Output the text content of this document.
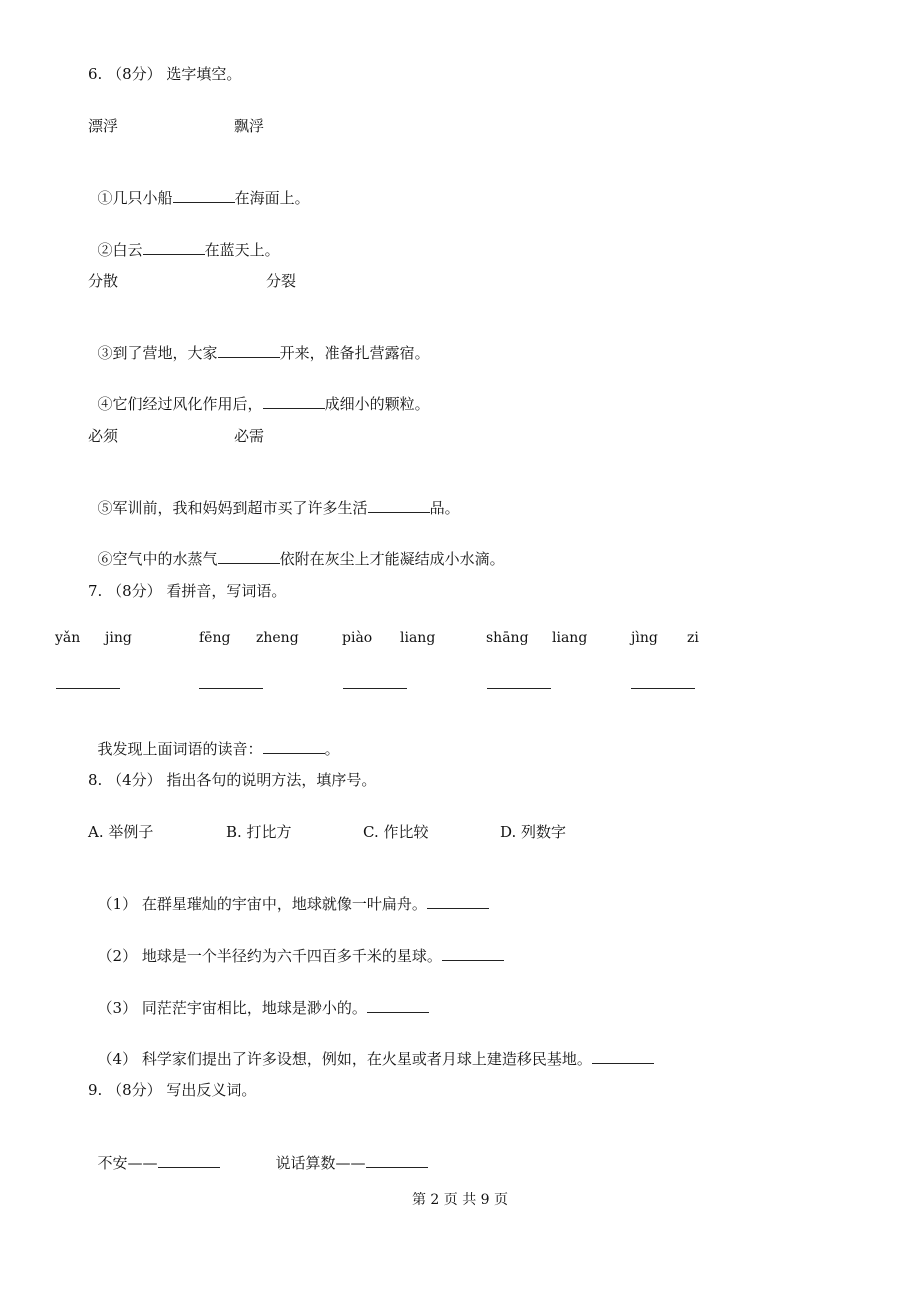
6. （8分） 选字填空。
漂浮	飘浮

①几只小船	在海面上。

②白云	在蓝天上。

分散	分裂

③到了营地，大家	开来，准备扎营露宿。

④它们经过风化作用后，	成细小的颗粒。

必须	必需

⑤军训前，我和妈妈到超市买了许多生活	品。

⑥空气中的水蒸气	依附在灰尘上才能凝结成小水滴。

7. （8分） 看拼音，写词语。
yǎn jing	fēng zheng	piào liang	shāng liang	jìng zi

我发现上面词语的读音：	。

8. （4分） 指出各句的说明方法，填序号。
A. 举例子	B. 打比方	C. 作比较	D. 列数字

（1） 在群星璀灿的宇宙中，地球就像一叶扁舟。

（2） 地球是一个半径约为六千四百多千米的星球。

（3） 同茫茫宇宙相比，地球是渺小的。

（4） 科学家们提出了许多设想，例如，在火星或者月球上建造移民基地。

9. （8分） 写出反义词。

不安——	说话算数——

第 2 页 共 9 页
